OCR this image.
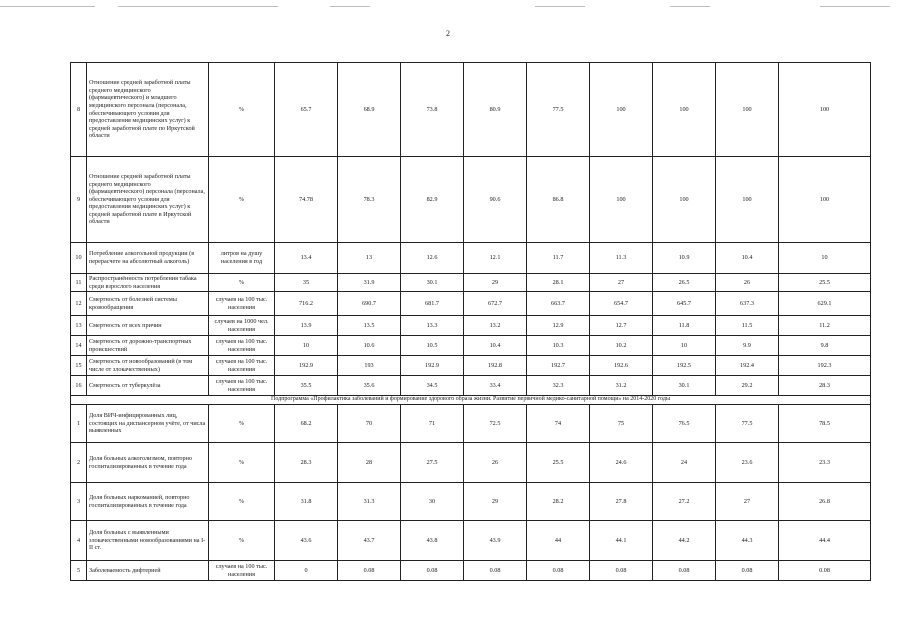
2
8	Отношение средней заработной платы среднего медицинского (фармацевтического) и младшего медицинского персонала (персонала, обеспечивающего условия для предоставления медицинских услуг) к средней заработной плате по Иркутской области	%	65.7	68.9	73.8	80.9	77.5	100	100	100	100
9	Отношение средней заработной платы среднего медицинского (фармацевтического) персонала (персонала, обеспечивающего условия для предоставления медицинских услуг) к средней заработной плате в Иркутской области	%	74.78	78.3	82.9	90.6	86.8	100	100	100	100
10	Потребление алкогольной продукции (в перерасчете на абсолютный алкоголь)	литров на душу населения в год	13.4	13	12.6	12.1	11.7	11.3	10.9	10.4	10
11	Распространённость потребления табака среди взрослого населения	%	35	31.9	30.1	29	28.1	27	26.5	26	25.5
12	Смертность от болезней системы кровообращения	случаев на 100 тыс. населения	716.2	690.7	681.7	672.7	663.7	654.7	645.7	637.3	629.1
13	Смертность от всех причин	случаев на 1000 чел. населения	13.9	13.5	13.3	13.2	12.9	12.7	11.8	11.5	11.2
14	Смертность от дорожно-транспортных происшествий	случаев на 100 тыс. населения	10	10.6	10.5	10.4	10.3	10.2	10	9.9	9.8
15	Смертность от новообразований (в том числе от злокачественных)	случаев на 100 тыс. населения	192.9	193	192.9	192.8	192.7	192.6	192.5	192.4	192.3
16	Смертность от туберкулёза	случаев на 100 тыс. населения	35.5	35.6	34.5	33.4	32.3	31.2	30.1	29.2	28.3
Подпрограмма «Профилактика заболеваний и формирование здорового образа жизни. Развитие первичной медико-санитарной помощи» на 2014-2020 годы											
1	Доля ВИЧ-инфицированных лиц, состоящих на диспансерном учёте, от числа выявленных	%	68.2	70	71	72.5	74	75	76.5	77.5	78.5
2	Доля больных алкоголизмом, повторно госпитализированных в течение года	%	28.3	28	27.5	26	25.5	24.6	24	23.6	23.3
3	Доля больных наркоманией, повторно госпитализированных в течение года	%	31.8	31.3	30	29	28.2	27.8	27.2	27	26.8
4	Доля больных с выявленными злокачественными новообразованиями на I-II ст.	%	43.6	43.7	43.8	43.9	44	44.1	44.2	44.3	44.4
5	Заболеваемость дифтерией	случаев на 100 тыс. населения	0	0.08	0.08	0.08	0.08	0.08	0.08	0.08	0.08
